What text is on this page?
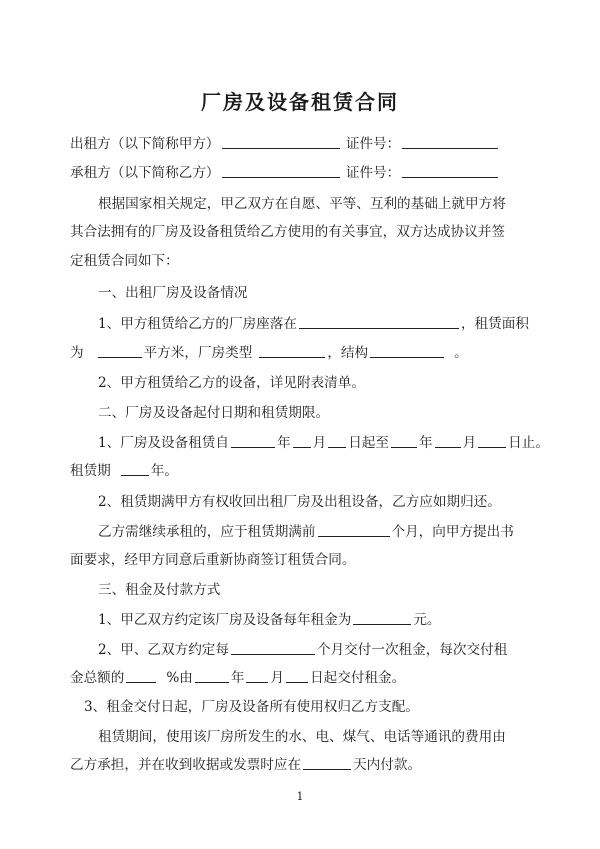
厂房及设备租赁合同
出租方（以下简称甲方）	证件号：
承租方（以下简称乙方）	证件号：
根据国家相关规定，甲乙双方在自愿、平等、互利的基础上就甲方将
其合法拥有的厂房及设备租赁给乙方使用的有关事宜，双方达成协议并签
定租赁合同如下：
一、出租厂房及设备情况
1、甲方租赁给乙方的厂房座落在	，租赁面积
为	平方米，厂房类型	，结构	。
2、甲方租赁给乙方的设备，详见附表清单。
二、厂房及设备起付日期和租赁期限。
1、厂房及设备租赁自	年 月 日起至 年 月 日止。
租赁期	年。
2、租赁期满甲方有权收回出租厂房及出租设备，乙方应如期归还。
乙方需继续承租的，应于租赁期满前	个月，向甲方提出书
面要求，经甲方同意后重新协商签订租赁合同。
三、租金及付款方式
1、甲乙双方约定该厂房及设备每年租金为	元。
2、甲、乙双方约定每	个月交付一次租金，每次交付租
金总额的	%由	年 月 日起交付租金。
3、租金交付日起，厂房及设备所有使用权归乙方支配。
租赁期间，使用该厂房所发生的水、电、煤气、电话等通讯的费用由
乙方承担，并在收到收据或发票时应在	天内付款。
1
